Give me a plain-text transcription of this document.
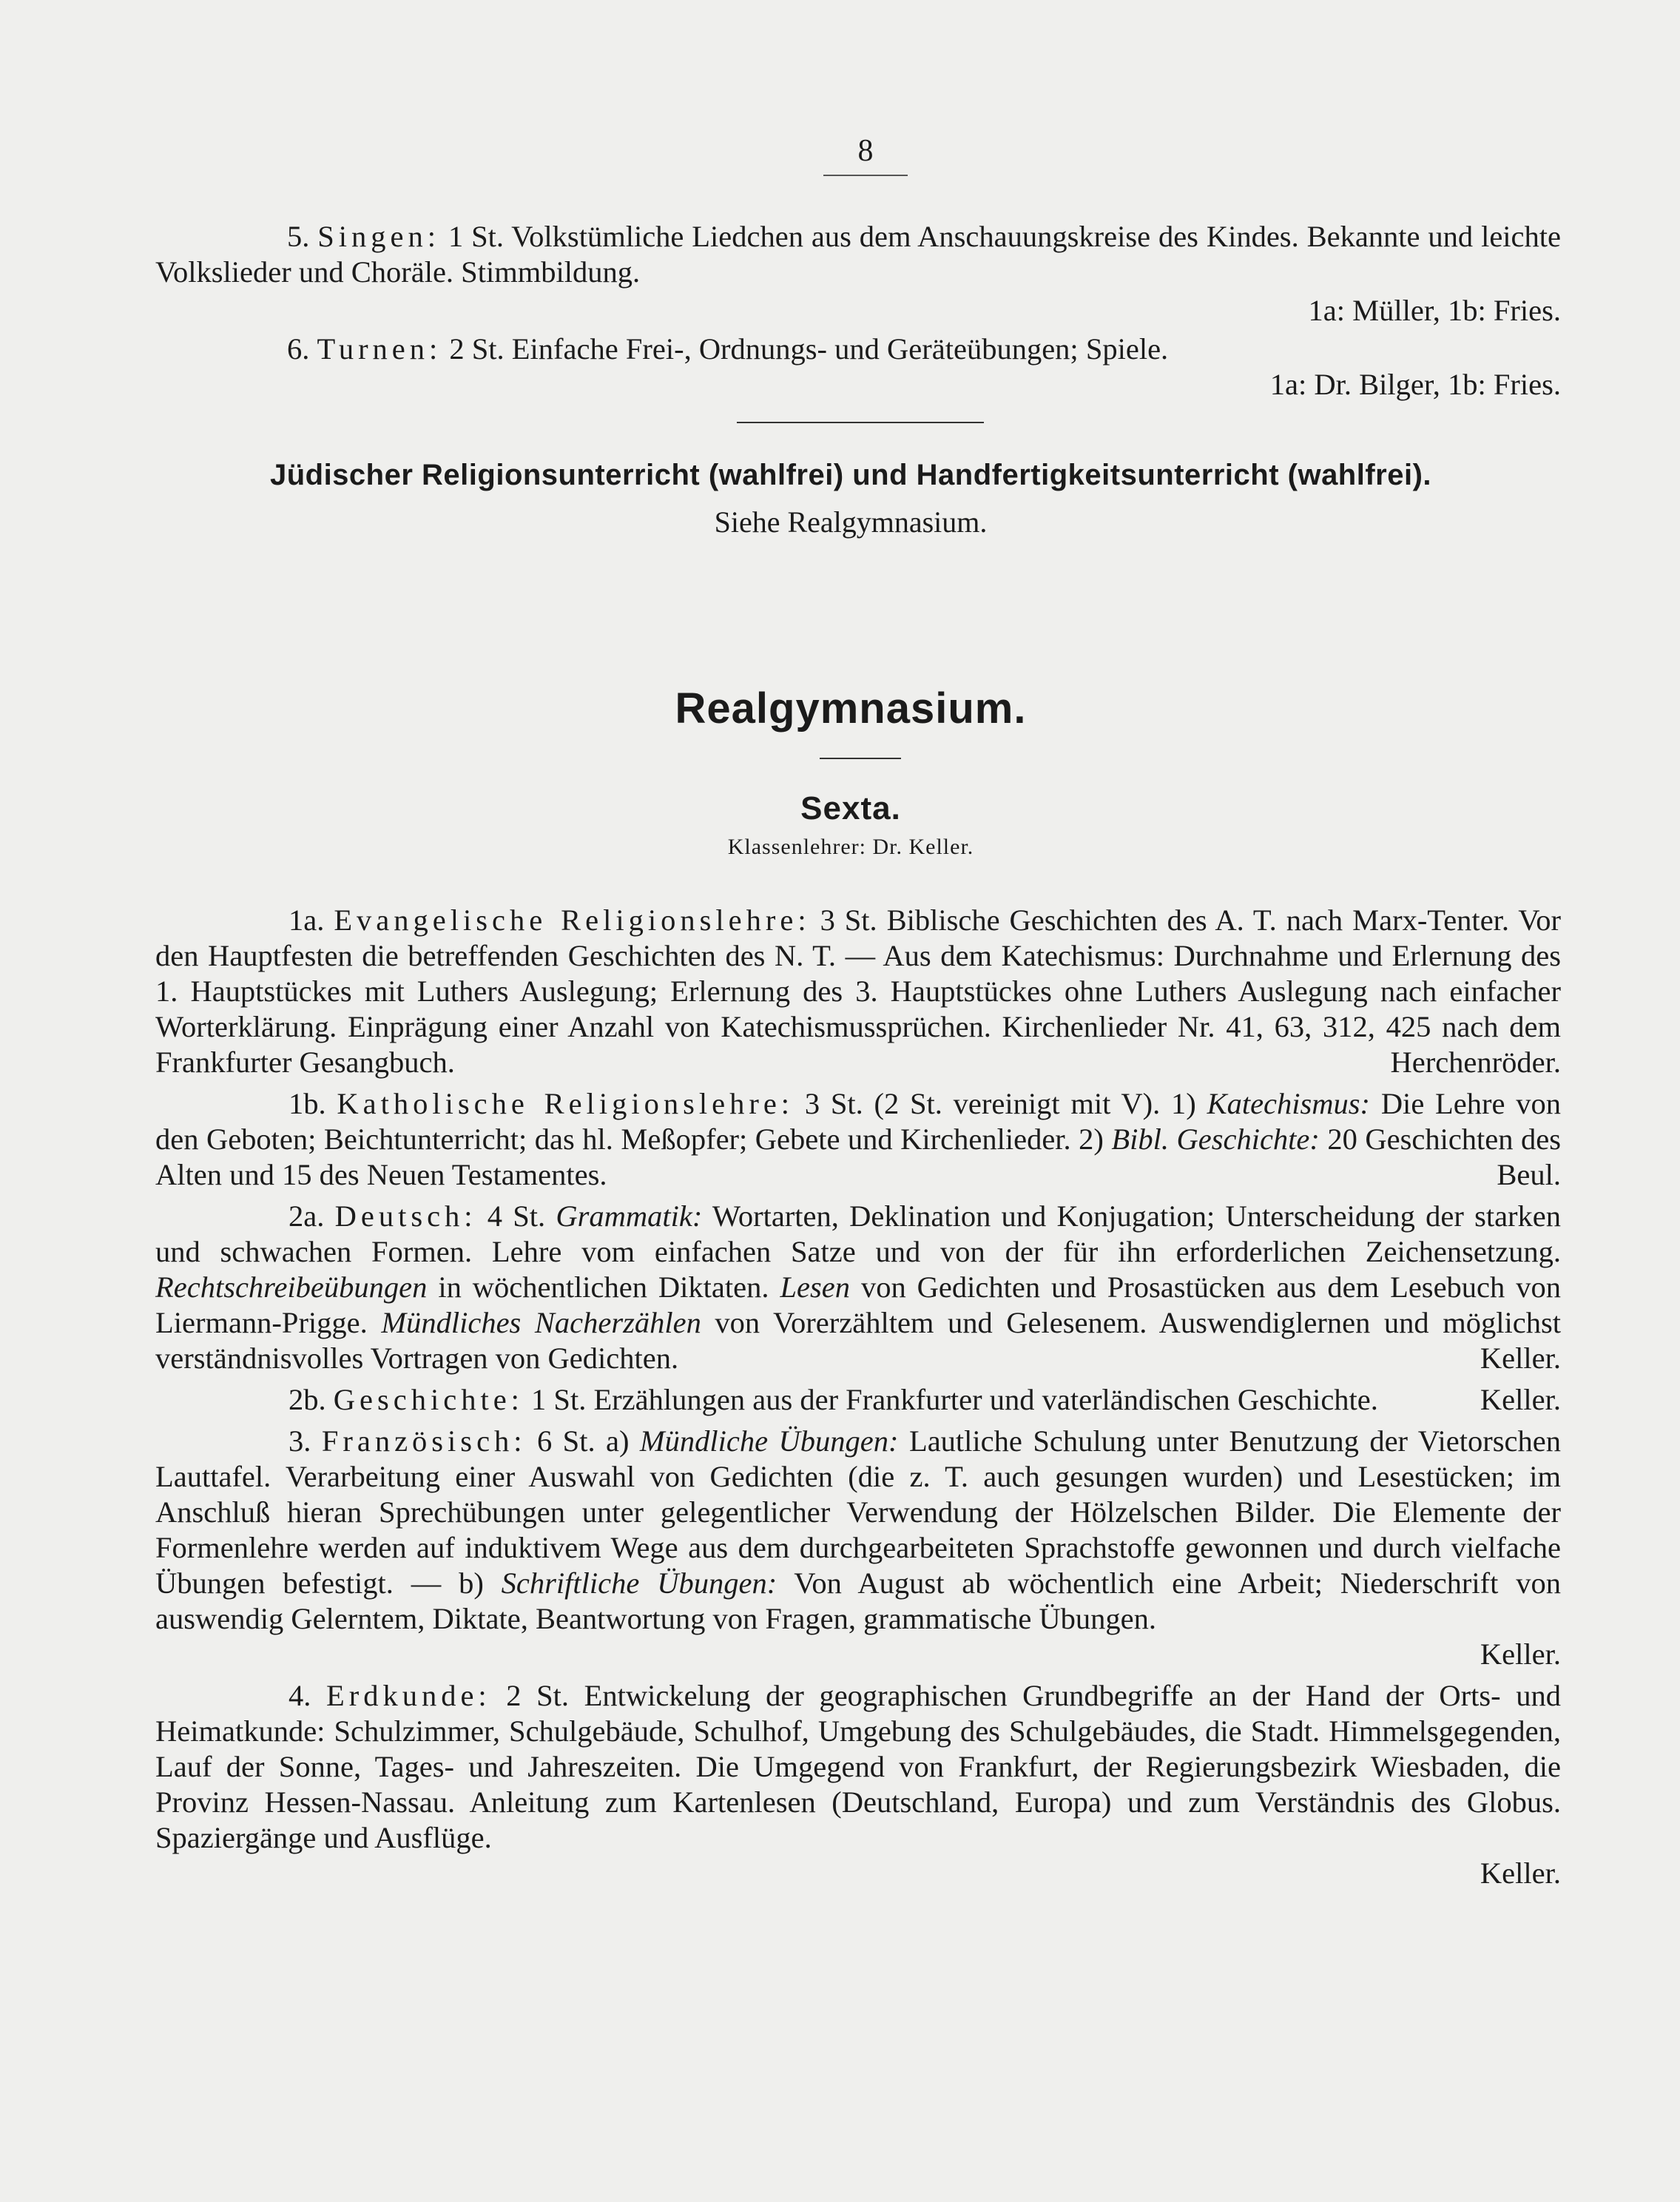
8

5. Singen: 1 St. Volkstümliche Liedchen aus dem Anschauungskreise des Kindes. Bekannte und leichte Volkslieder und Choräle. Stimmbildung.

1a: Müller, 1b: Fries.

6. Turnen: 2 St. Einfache Frei-, Ordnungs- und Geräteübungen; Spiele.

1a: Dr. Bilger, 1b: Fries.

Jüdischer Religionsunterricht (wahlfrei) und Handfertigkeitsunterricht (wahlfrei).
Siehe Realgymnasium.
Realgymnasium.
Sexta.
Klassenlehrer: Dr. Keller.

1a. Evangelische Religionslehre: 3 St. Biblische Geschichten des A. T. nach Marx-Tenter. Vor den Hauptfesten die betreffenden Geschichten des N. T. — Aus dem Katechismus: Durchnahme und Erlernung des 1. Hauptstückes mit Luthers Auslegung; Erlernung des 3. Hauptstückes ohne Luthers Auslegung nach einfacher Worterklärung. Einprägung einer Anzahl von Katechismussprüchen. Kirchenlieder Nr. 41, 63, 312, 425 nach dem Frankfurter Gesangbuch.	Herchenröder.

1b. Katholische Religionslehre: 3 St. (2 St. vereinigt mit V). 1) Katechismus: Die Lehre von den Geboten; Beichtunterricht; das hl. Meßopfer; Gebete und Kirchenlieder. 2) Bibl. Geschichte: 20 Geschichten des Alten und 15 des Neuen Testamentes.	Beul.

2a. Deutsch: 4 St. Grammatik: Wortarten, Deklination und Konjugation; Unterscheidung der starken und schwachen Formen. Lehre vom einfachen Satze und von der für ihn erforderlichen Zeichensetzung. Rechtschreibeübungen in wöchentlichen Diktaten. Lesen von Gedichten und Prosastücken aus dem Lesebuch von Liermann-Prigge. Mündliches Nacherzählen von Vorerzähltem und Gelesenem. Auswendiglernen und möglichst verständnisvolles Vortragen von Gedichten.	Keller.

2b. Geschichte: 1 St. Erzählungen aus der Frankfurter und vaterländischen Geschichte.	Keller.

3. Französisch: 6 St. a) Mündliche Übungen: Lautliche Schulung unter Benutzung der Vietorschen Lauttafel. Verarbeitung einer Auswahl von Gedichten (die z. T. auch gesungen wurden) und Lesestücken; im Anschluß hieran Sprechübungen unter gelegentlicher Verwendung der Hölzelschen Bilder. Die Elemente der Formenlehre werden auf induktivem Wege aus dem durchgearbeiteten Sprachstoffe gewonnen und durch vielfache Übungen befestigt. — b) Schriftliche Übungen: Von August ab wöchentlich eine Arbeit; Niederschrift von auswendig Gelerntem, Diktate, Beantwortung von Fragen, grammatische Übungen.

Keller.

4. Erdkunde: 2 St. Entwickelung der geographischen Grundbegriffe an der Hand der Orts- und Heimatkunde: Schulzimmer, Schulgebäude, Schulhof, Umgebung des Schulgebäudes, die Stadt. Himmelsgegenden, Lauf der Sonne, Tages- und Jahreszeiten. Die Umgegend von Frankfurt, der Regierungsbezirk Wiesbaden, die Provinz Hessen-Nassau. Anleitung zum Kartenlesen (Deutschland, Europa) und zum Verständnis des Globus. Spaziergänge und Ausflüge.

Keller.
